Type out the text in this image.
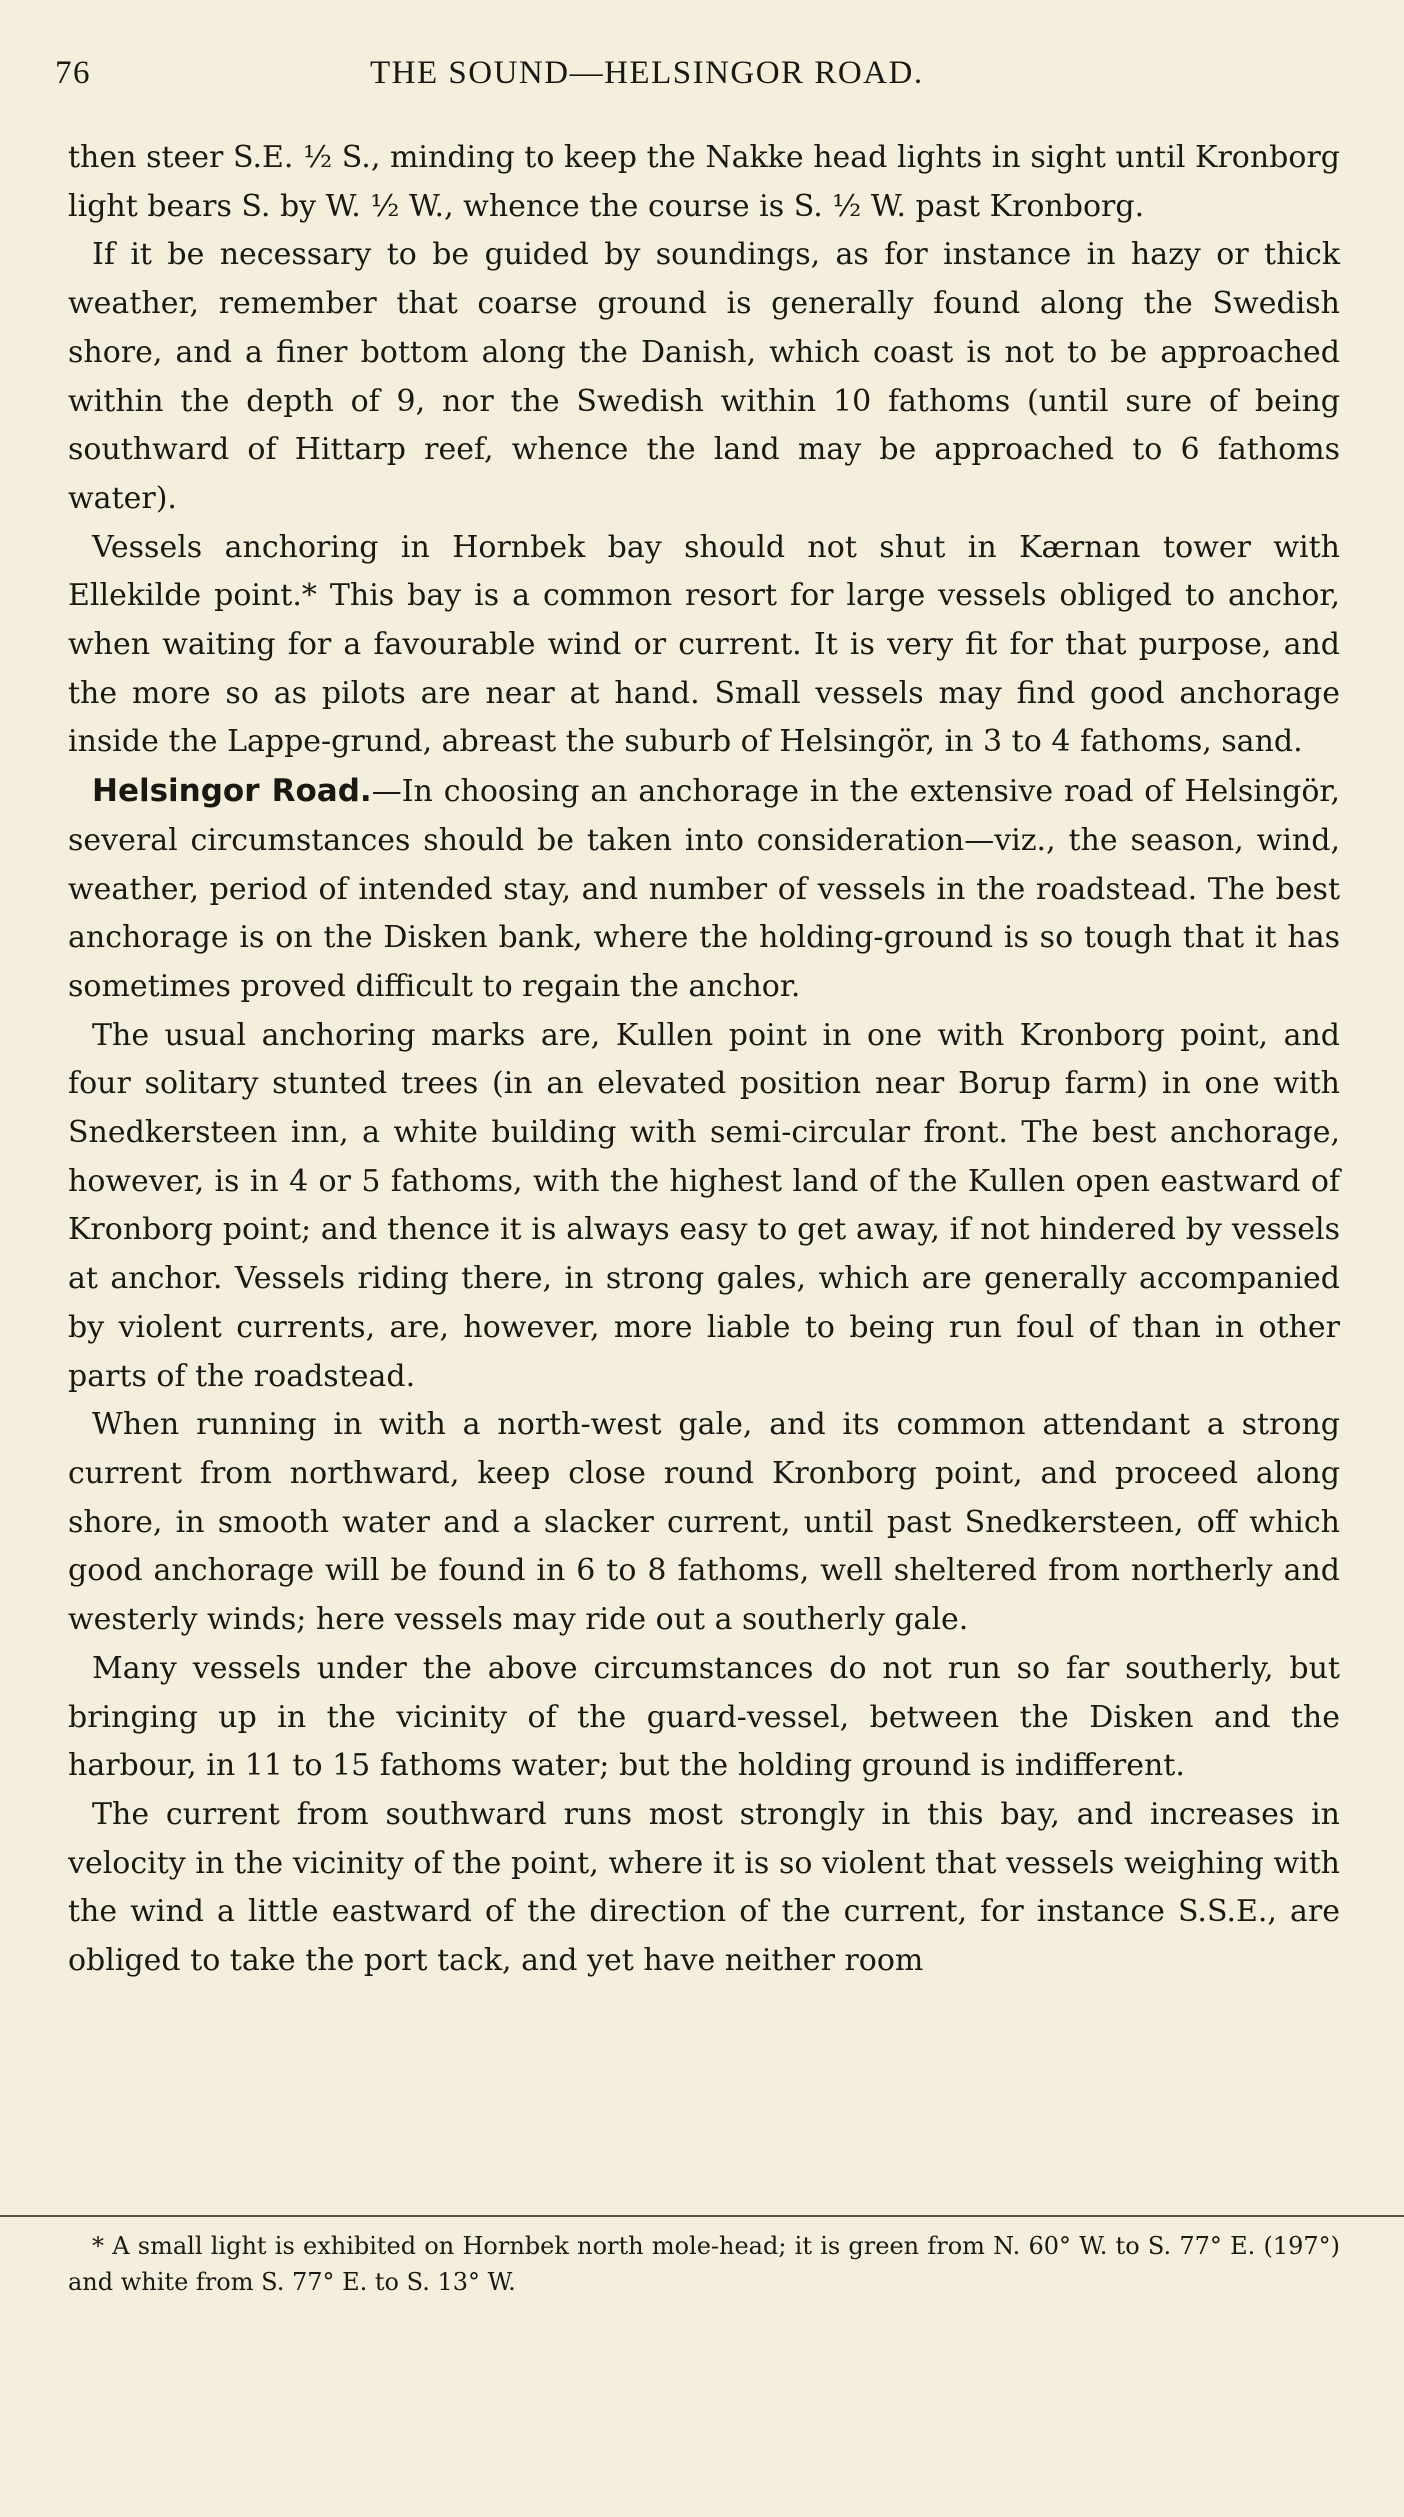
76	THE SOUND—HELSINGOR ROAD.

then steer S.E. ½ S., minding to keep the Nakke head lights in sight until Kronborg light bears S. by W. ½ W., whence the course is S. ½ W. past Kronborg.

If it be necessary to be guided by soundings, as for instance in hazy or thick weather, remember that coarse ground is generally found along the Swedish shore, and a finer bottom along the Danish, which coast is not to be approached within the depth of 9, nor the Swedish within 10 fathoms (until sure of being southward of Hittarp reef, whence the land may be approached to 6 fathoms water).

Vessels anchoring in Hornbek bay should not shut in Kærnan tower with Ellekilde point.* This bay is a common resort for large vessels obliged to anchor, when waiting for a favourable wind or current. It is very fit for that purpose, and the more so as pilots are near at hand. Small vessels may find good anchorage inside the Lappe-grund, abreast the suburb of Helsingör, in 3 to 4 fathoms, sand.

Helsingor Road.—In choosing an anchorage in the extensive road of Helsingör, several circumstances should be taken into consideration—viz., the season, wind, weather, period of intended stay, and number of vessels in the roadstead. The best anchorage is on the Disken bank, where the holding-ground is so tough that it has sometimes proved difficult to regain the anchor.

The usual anchoring marks are, Kullen point in one with Kronborg point, and four solitary stunted trees (in an elevated position near Borup farm) in one with Snedkersteen inn, a white building with semi-circular front. The best anchorage, however, is in 4 or 5 fathoms, with the highest land of the Kullen open eastward of Kronborg point; and thence it is always easy to get away, if not hindered by vessels at anchor. Vessels riding there, in strong gales, which are generally accompanied by violent currents, are, however, more liable to being run foul of than in other parts of the roadstead.

When running in with a north-west gale, and its common attendant a strong current from northward, keep close round Kronborg point, and proceed along shore, in smooth water and a slacker current, until past Snedkersteen, off which good anchorage will be found in 6 to 8 fathoms, well sheltered from northerly and westerly winds; here vessels may ride out a southerly gale.

Many vessels under the above circumstances do not run so far southerly, but bringing up in the vicinity of the guard-vessel, between the Disken and the harbour, in 11 to 15 fathoms water; but the holding ground is indifferent.

The current from southward runs most strongly in this bay, and increases in velocity in the vicinity of the point, where it is so violent that vessels weighing with the wind a little eastward of the direction of the current, for instance S.S.E., are obliged to take the port tack, and yet have neither room

* A small light is exhibited on Hornbek north mole-head; it is green from N. 60° W. to S. 77° E. (197°) and white from S. 77° E. to S. 13° W.
